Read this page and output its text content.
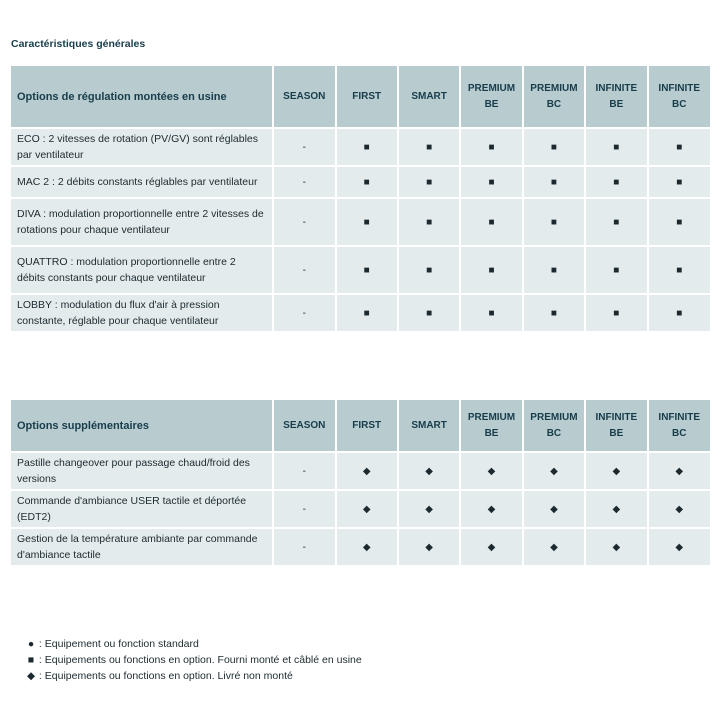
Caractéristiques générales
Options de régulation montées en usine	SEASON	FIRST	SMART	PREMIUM BE	PREMIUM BC	INFINITE BE	INFINITE BC
ECO : 2 vitesses de rotation (PV/GV) sont réglables par ventilateur	-	■	■	■	■	■	■
MAC 2 : 2 débits constants réglables par ventilateur	-	■	■	■	■	■	■
DIVA : modulation proportionnelle entre 2 vitesses de rotations pour chaque ventilateur	-	■	■	■	■	■	■
QUATTRO : modulation proportionnelle entre 2 débits constants pour chaque ventilateur	-	■	■	■	■	■	■
LOBBY : modulation du flux d'air à pression constante, réglable pour chaque ventilateur	-	■	■	■	■	■	■
Options supplémentaires	SEASON	FIRST	SMART	PREMIUM BE	PREMIUM BC	INFINITE BE	INFINITE BC
Pastille changeover pour passage chaud/froid des versions	-	◆	◆	◆	◆	◆	◆
Commande d'ambiance USER tactile et déportée (EDT2)	-	◆	◆	◆	◆	◆	◆
Gestion de la température ambiante par commande d'ambiance tactile	-	◆	◆	◆	◆	◆	◆
● : Equipement ou fonction standard
■ : Equipements ou fonctions en option. Fourni monté et câblé en usine
◆ : Equipements ou fonctions en option. Livré non monté
